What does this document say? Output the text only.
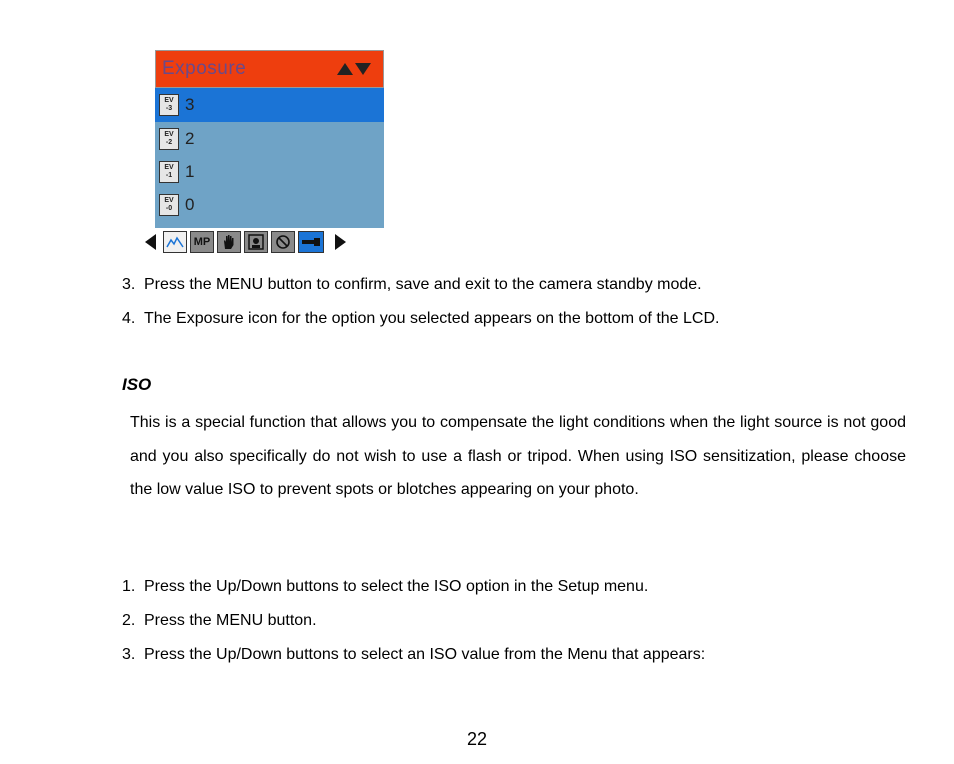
Exposure
EV
-3 3
EV
-2 2
EV
-1 1
EV
-0 0
MP
3. Press the MENU button to confirm, save and exit to the camera standby mode.
4. The Exposure icon for the option you selected appears on the bottom of the LCD.
ISO
This is a special function that allows you to compensate the light conditions when the light source is not good and you also specifically do not wish to use a flash or tripod. When using ISO sensitization, please choose the low value ISO to prevent spots or blotches appearing on your photo.
1. Press the Up/Down buttons to select the ISO option in the Setup menu.
2. Press the MENU button.
3. Press the Up/Down buttons to select an ISO value from the Menu that appears:
22
